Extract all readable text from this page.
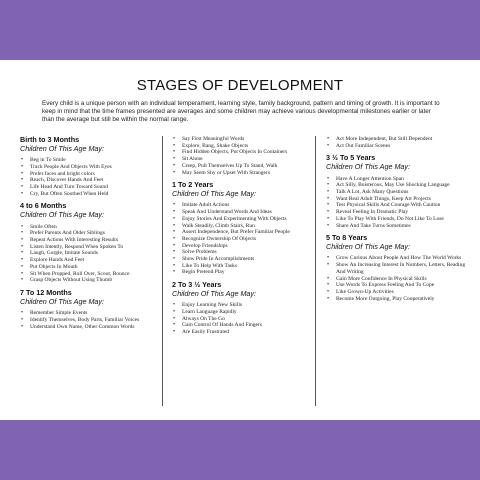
STAGES OF DEVELOPMENT
Every child is a unique person with an individual temperament, learning style, family background, pattern and timing of growth. It is important to keep in mind that the time frames presented are averages and some children may achieve various developmental milestones earlier or later than the average but still be within the normal range.
Birth to 3 Months
Children Of This Age May:
• Beg in To Smile
• Track People And Objects With Eyes
• Prefer faces and bright colors
• Reach, Discover Hands And Feet
• Life Head And Turn Toward Sound
• Cry, But Often Soothed When Held
4 to 6 Months
Children Of This Age May:
• Smile Often
• Prefer Parents And Older Siblings
• Repeat Actions With Interesting Results
• Listen Intently, Respond When Spoken To
• Laugh, Gurgle, Imitate Sounds
• Explore Hands And Feet
• Put Objects In Mouth
• Sit When Propped, Roll Over, Scoot, Bounce
• Grasp Objects Without Using Thumb
7 To 12 Months
Children Of This Age May:
• Remember Simple Events
• Identify Themselves, Body Parts, Familiar Voices
• Understand Own Name, Other Common Words
• Say First Meaningful Words
• Explore, Bang, Shake Objects
• Find Hidden Objects, Put Objects In Containers
• Sit Alone
• Creep, Pull Themselves Up To Stand, Walk
• May Seem Shy or Upset With Strangers
1 To 2 Years
Children Of This Age May:
• Imitate Adult Actions
• Speak And Understand Words And Ideas
• Enjoy Stories And Experimenting With Objects
• Walk Steadily, Climb Stairs, Run
• Assert Independence, But Prefer Familiar People
• Recognize Ownership Of Objects
• Develop Friendships
• Solve Problems
• Show Pride In Accomplishments
• Like To Help With Tasks
• Begin Pretend Play
2 To 3 ½ Years
Children Of This Age May:
• Enjoy Learning New Skills
• Learn Language Rapidly
• Always On The Go
• Gain Control Of Hands And Fingers
• Are Easily Frustrated
• Act More Independent, But Still Dependent
• Act Out Familiar Scenes
3 ½ To 5 Years
Children Of This Age May:
• Have A Longer Attention Span
• Act Silly, Boisterous, May Use Shocking Language
• Talk A Lot, Ask Many Questions
• Want Real Adult Things, Keep Art Projects
• Test Physical Skills And Courage With Caution
• Reveal Feeling In Dramatic Play
• Like To Play With Friends, Do Not Like To Lose
• Share And Take Turns Sometimes
5 To 8 Years
Children Of This Age May:
• Grow Curious About People And How The World Works
• Show An Increasing Interest In Numbers, Letters, Reading And Writing
• Gain More Confidence In Physical Skills
• Use Words To Express Feeling And To Cope
• Like Grown-Up Activities
• Become More Outgoing, Play Cooperatively
